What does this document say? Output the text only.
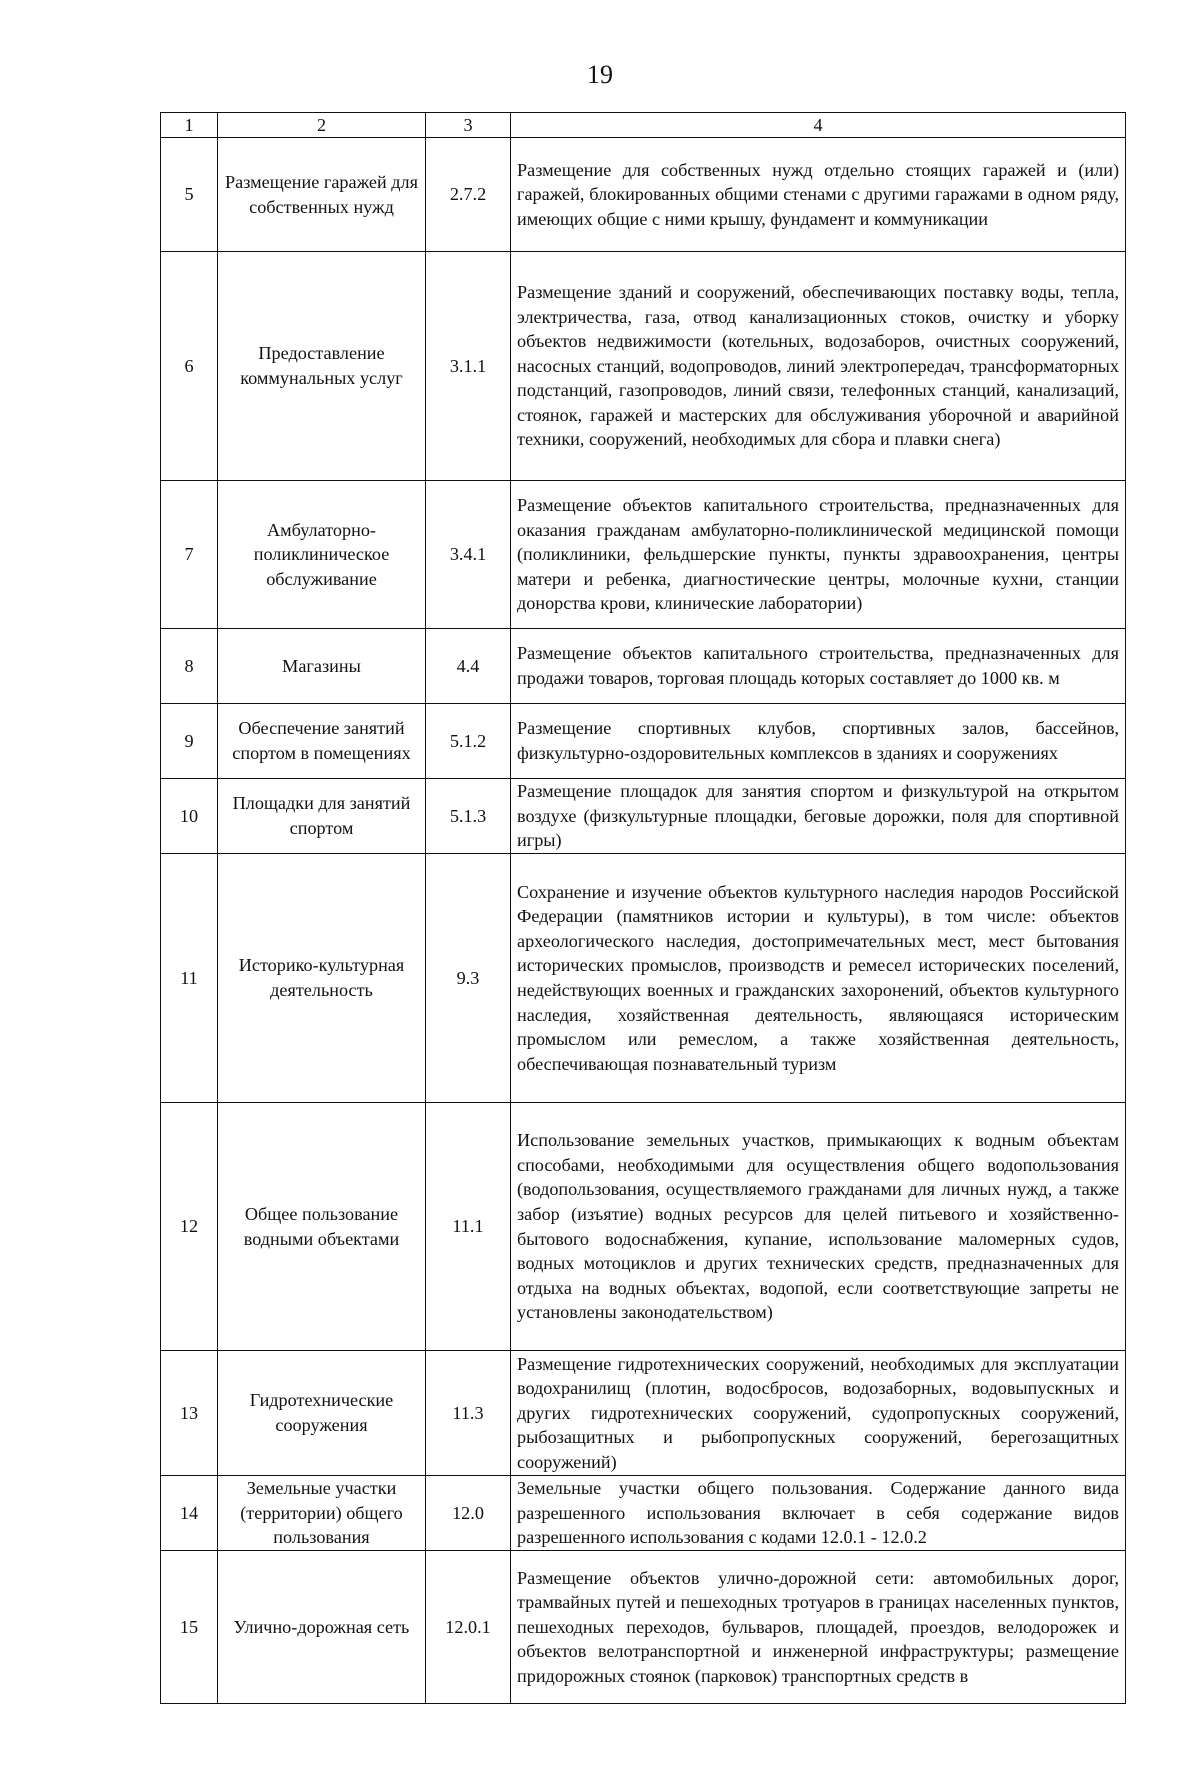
19
1	2	3	4
5	Размещение гаражей для собственных нужд	2.7.2	Размещение для собственных нужд отдельно стоящих гаражей и (или) гаражей, блокированных общими стенами с другими гаражами в одном ряду, имеющих общие с ними крышу, фундамент и коммуникации
6	Предоставление коммунальных услуг	3.1.1	Размещение зданий и сооружений, обеспечивающих поставку воды, тепла, электричества, газа, отвод канализационных стоков, очистку и уборку объектов недвижимости (котельных, водозаборов, очистных сооружений, насосных станций, водопроводов, линий электропередач, трансформаторных подстанций, газопроводов, линий связи, телефонных станций, канализаций, стоянок, гаражей и мастерских для обслуживания уборочной и аварийной техники, сооружений, необходимых для сбора и плавки снега)
7	Амбулаторно-поликлиническое обслуживание	3.4.1	Размещение объектов капитального строительства, предназначенных для оказания гражданам амбулаторно-поликлинической медицинской помощи (поликлиники, фельдшерские пункты, пункты здравоохранения, центры матери и ребенка, диагностические центры, молочные кухни, станции донорства крови, клинические лаборатории)
8	Магазины	4.4	Размещение объектов капитального строительства, предназначенных для продажи товаров, торговая площадь которых составляет до 1000 кв. м
9	Обеспечение занятий спортом в помещениях	5.1.2	Размещение спортивных клубов, спортивных залов, бассейнов, физкультурно-оздоровительных комплексов в зданиях и сооружениях
10	Площадки для занятий спортом	5.1.3	Размещение площадок для занятия спортом и физкультурой на открытом воздухе (физкультурные площадки, беговые дорожки, поля для спортивной игры)
11	Историко-культурная деятельность	9.3	Сохранение и изучение объектов культурного наследия народов Российской Федерации (памятников истории и культуры), в том числе: объектов археологического наследия, достопримечательных мест, мест бытования исторических промыслов, производств и ремесел исторических поселений, недействующих военных и гражданских захоронений, объектов культурного наследия, хозяйственная деятельность, являющаяся историческим промыслом или ремеслом, а также хозяйственная деятельность, обеспечивающая познавательный туризм
12	Общее пользование водными объектами	11.1	Использование земельных участков, примыкающих к водным объектам способами, необходимыми для осуществления общего водопользования (водопользования, осуществляемого гражданами для личных нужд, а также забор (изъятие) водных ресурсов для целей питьевого и хозяйственно-бытового водоснабжения, купание, использование маломерных судов, водных мотоциклов и других технических средств, предназначенных для отдыха на водных объектах, водопой, если соответствующие запреты не установлены законодательством)
13	Гидротехнические сооружения	11.3	Размещение гидротехнических сооружений, необходимых для эксплуатации водохранилищ (плотин, водосбросов, водозаборных, водовыпускных и других гидротехнических сооружений, судопропускных сооружений, рыбозащитных и рыбопропускных сооружений, берегозащитных сооружений)
14	Земельные участки (территории) общего пользования	12.0	Земельные участки общего пользования. Содержание данного вида разрешенного использования включает в себя содержание видов разрешенного использования с кодами 12.0.1 - 12.0.2
15	Улично-дорожная сеть	12.0.1	Размещение объектов улично-дорожной сети: автомобильных дорог, трамвайных путей и пешеходных тротуаров в границах населенных пунктов, пешеходных переходов, бульваров, площадей, проездов, велодорожек и объектов велотранспортной и инженерной инфраструктуры; размещение придорожных стоянок (парковок) транспортных средств в
